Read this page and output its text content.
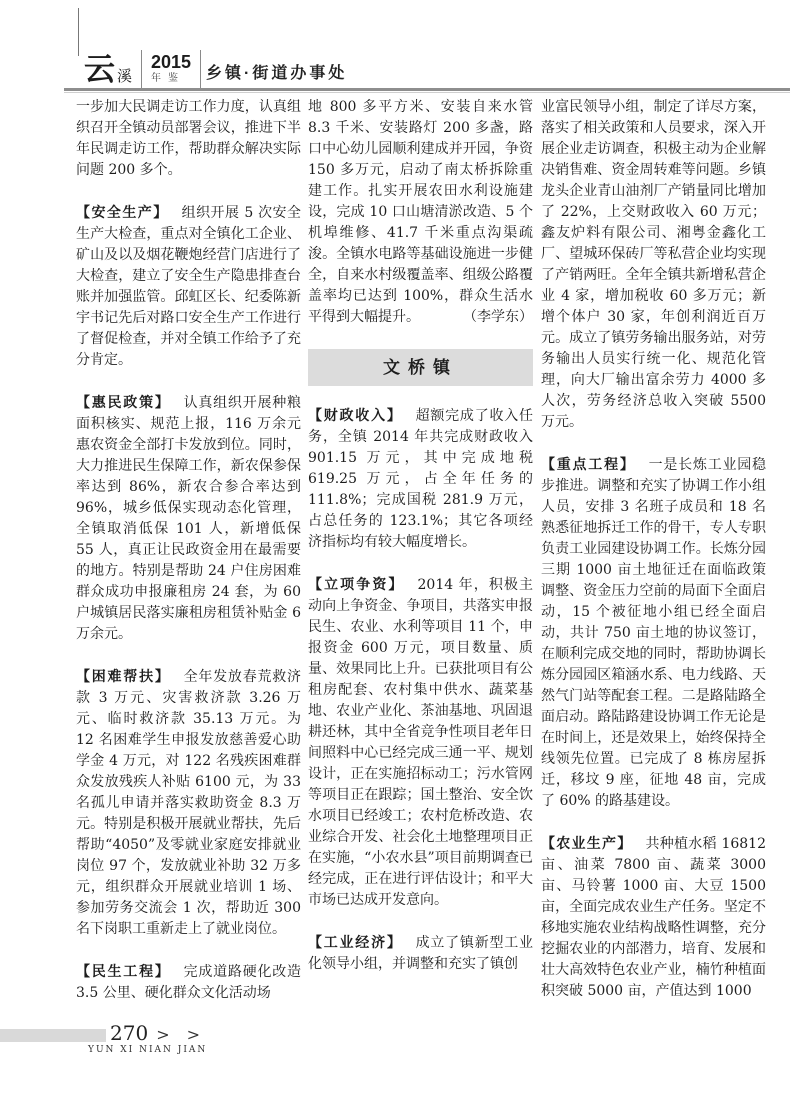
云 溪
2015
年鉴	乡镇·街道办事处

一步加大民调走访工作力度，认真组织召开全镇动员部署会议，推进下半年民调走访工作，帮助群众解决实际问题 200 多个。

【安全生产】 组织开展 5 次安全生产大检查，重点对全镇化工企业、矿山及以及烟花鞭炮经营门店进行了大检查，建立了安全生产隐患排查台账并加强监管。邱虹区长、纪委陈新宇书记先后对路口安全生产工作进行了督促检查，并对全镇工作给予了充分肯定。

【惠民政策】 认真组织开展种粮面积核实、规范上报，116 万余元惠农资金全部打卡发放到位。同时，大力推进民生保障工作，新农保参保率达到 86%，新农合参合率达到 96%，城乡低保实现动态化管理，全镇取消低保 101 人，新增低保 55 人，真正让民政资金用在最需要的地方。特别是帮助 24 户住房困难群众成功申报廉租房 24 套，为 60 户城镇居民落实廉租房租赁补贴金 6 万余元。

【困难帮扶】 全年发放春荒救济款 3 万元、灾害救济款 3.26 万元、临时救济款 35.13 万元。为 12 名困难学生申报发放慈善爱心助学金 4 万元，对 122 名残疾困难群众发放残疾人补贴 6100 元，为 33 名孤儿申请并落实救助资金 8.3 万元。特别是积极开展就业帮扶，先后帮助“4050”及零就业家庭安排就业岗位 97 个，发放就业补助 32 万多元，组织群众开展就业培训 1 场、参加劳务交流会 1 次，帮助近 300 名下岗职工重新走上了就业岗位。

【民生工程】 完成道路硬化改造 3.5 公里、硬化群众文化活动场

地 800 多平方米、安装自来水管 8.3 千米、安装路灯 200 多盏，路口中心幼儿园顺利建成并开园，争资 150 多万元，启动了南太桥拆除重建工作。扎实开展农田水利设施建设，完成 10 口山塘清淤改造、5 个机埠维修、41.7 千米重点沟渠疏浚。全镇水电路等基础设施进一步健全，自来水村级覆盖率、组级公路覆盖率均已达到 100%，群众生活水平得到大幅提升。	（李学东）

文桥镇

【财政收入】 超额完成了收入任务，全镇 2014 年共完成财政收入 901.15 万元，其中完成地税 619.25 万元，占全年任务的 111.8%；完成国税 281.9 万元，占总任务的 123.1%；其它各项经济指标均有较大幅度增长。

【立项争资】 2014 年，积极主动向上争资金、争项目，共落实申报民生、农业、水利等项目 11 个，申报资金 600 万元，项目数量、质量、效果同比上升。已获批项目有公租房配套、农村集中供水、蔬菜基地、农业产业化、茶油基地、巩固退耕还林，其中全省竞争性项目老年日间照料中心已经完成三通一平、规划设计，正在实施招标动工；污水管网等项目正在跟踪；国土整治、安全饮水项目已经竣工；农村危桥改造、农业综合开发、社会化土地整理项目正在实施，“小农水县”项目前期调查已经完成，正在进行评估设计；和平大市场已达成开发意向。

【工业经济】 成立了镇新型工业化领导小组，并调整和充实了镇创

业富民领导小组，制定了详尽方案，落实了相关政策和人员要求，深入开展企业走访调查，积极主动为企业解决销售难、资金周转难等问题。乡镇龙头企业青山油剂厂产销量同比增加了 22%，上交财政收入 60 万元；鑫友炉料有限公司、湘粤金鑫化工厂、望城环保砖厂等私营企业均实现了产销两旺。全年全镇共新增私营企业 4 家，增加税收 60 多万元；新增个体户 30 家，年创利润近百万元。成立了镇劳务输出服务站，对劳务输出人员实行统一化、规范化管理，向大厂输出富余劳力 4000 多人次，劳务经济总收入突破 5500 万元。

【重点工程】 一是长炼工业园稳步推进。调整和充实了协调工作小组人员，安排 3 名班子成员和 18 名熟悉征地拆迁工作的骨干，专人专职负责工业园建设协调工作。长炼分园三期 1000 亩土地征迁在面临政策调整、资金压力空前的局面下全面启动，15 个被征地小组已经全面启动，共计 750 亩土地的协议签订，在顺利完成交地的同时，帮助协调长炼分园园区箱涵水系、电力线路、天然气门站等配套工程。二是路陆路全面启动。路陆路建设协调工作无论是在时间上，还是效果上，始终保持全线领先位置。已完成了 8 栋房屋拆迁，移坟 9 座，征地 48 亩，完成了 60% 的路基建设。

【农业生产】 共种植水稻 16812 亩、油菜 7800 亩、蔬菜 3000 亩、马铃薯 1000 亩、大豆 1500 亩，全面完成农业生产任务。坚定不移地实施农业结构战略性调整，充分挖掘农业的内部潜力，培育、发展和壮大高效特色农业产业，楠竹种植面积突破 5000 亩，产值达到 1000

270 > >
YUN XI NIAN JIAN
